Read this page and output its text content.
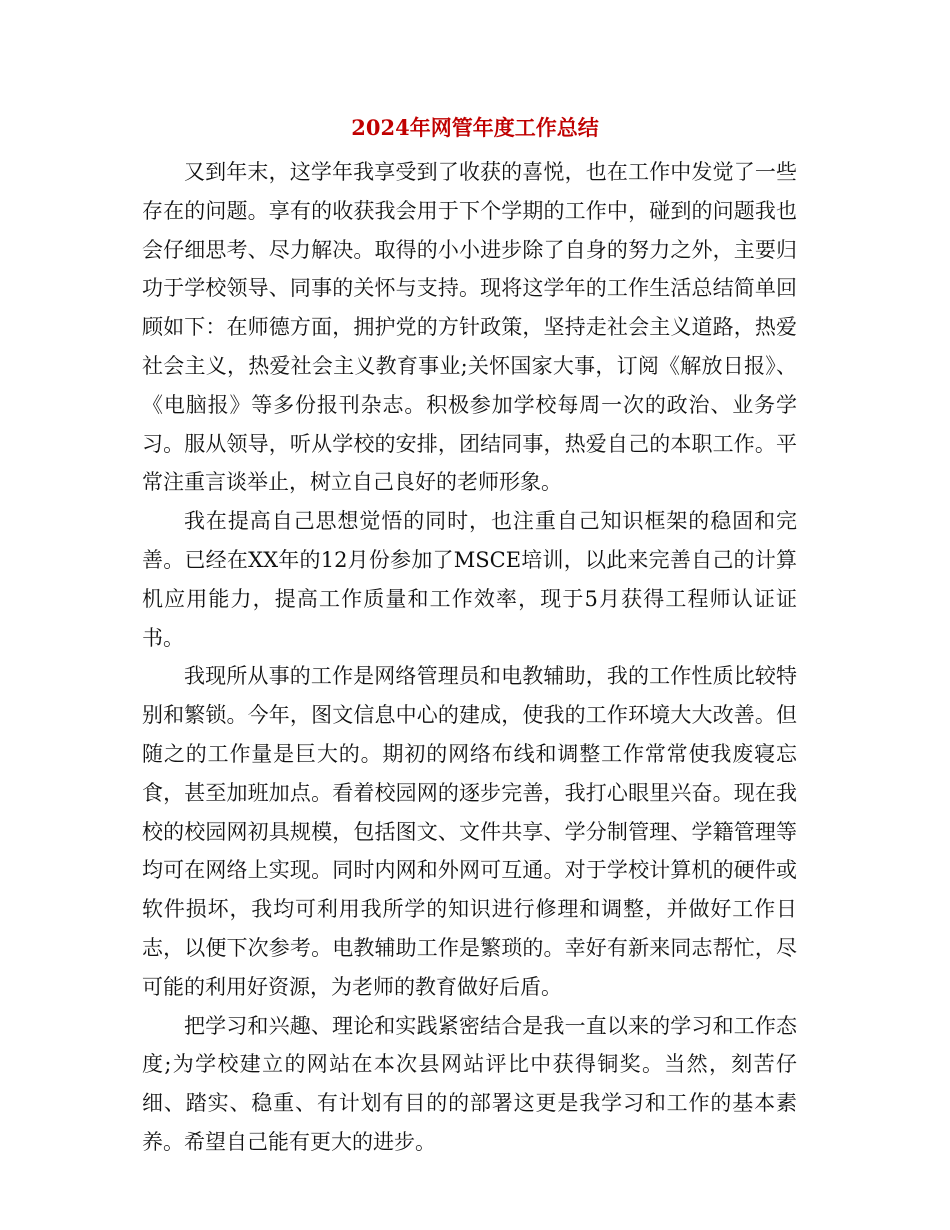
2024年网管年度工作总结

又到年末，这学年我享受到了收获的喜悦，也在工作中发觉了一些存在的问题。享有的收获我会用于下个学期的工作中，碰到的问题我也会仔细思考、尽力解决。取得的小小进步除了自身的努力之外，主要归功于学校领导、同事的关怀与支持。现将这学年的工作生活总结简单回顾如下：在师德方面，拥护党的方针政策，坚持走社会主义道路，热爱社会主义，热爱社会主义教育事业;关怀国家大事，订阅《解放日报》、《电脑报》等多份报刊杂志。积极参加学校每周一次的政治、业务学习。服从领导，听从学校的安排，团结同事，热爱自己的本职工作。平常注重言谈举止，树立自己良好的老师形象。

我在提高自己思想觉悟的同时，也注重自己知识框架的稳固和完善。已经在XX年的12月份参加了MSCE培训，以此来完善自己的计算机应用能力，提高工作质量和工作效率，现于5月获得工程师认证证书。

我现所从事的工作是网络管理员和电教辅助，我的工作性质比较特别和繁锁。今年，图文信息中心的建成，使我的工作环境大大改善。但随之的工作量是巨大的。期初的网络布线和调整工作常常使我废寝忘食，甚至加班加点。看着校园网的逐步完善，我打心眼里兴奋。现在我校的校园网初具规模，包括图文、文件共享、学分制管理、学籍管理等均可在网络上实现。同时内网和外网可互通。对于学校计算机的硬件或软件损坏，我均可利用我所学的知识进行修理和调整，并做好工作日志，以便下次参考。电教辅助工作是繁琐的。幸好有新来同志帮忙，尽可能的利用好资源，为老师的教育做好后盾。

把学习和兴趣、理论和实践紧密结合是我一直以来的学习和工作态度;为学校建立的网站在本次县网站评比中获得铜奖。当然，刻苦仔细、踏实、稳重、有计划有目的的部署这更是我学习和工作的基本素养。希望自己能有更大的进步。
